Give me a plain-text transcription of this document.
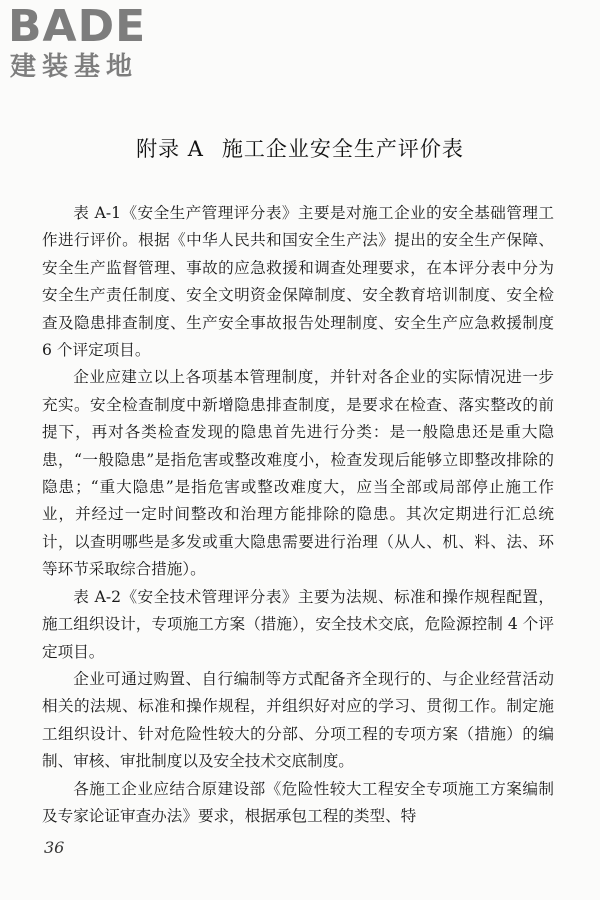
BADE
建装基地
附录 A 施工企业安全生产评价表

表 A-1《安全生产管理评分表》主要是对施工企业的安全基础管理工作进行评价。根据《中华人民共和国安全生产法》提出的安全生产保障、安全生产监督管理、事故的应急救援和调查处理要求，在本评分表中分为安全生产责任制度、安全文明资金保障制度、安全教育培训制度、安全检查及隐患排查制度、生产安全事故报告处理制度、安全生产应急救援制度 6 个评定项目。

企业应建立以上各项基本管理制度，并针对各企业的实际情况进一步充实。安全检查制度中新增隐患排查制度，是要求在检查、落实整改的前提下，再对各类检查发现的隐患首先进行分类：是一般隐患还是重大隐患，“一般隐患”是指危害或整改难度小，检查发现后能够立即整改排除的隐患；“重大隐患”是指危害或整改难度大，应当全部或局部停止施工作业，并经过一定时间整改和治理方能排除的隐患。其次定期进行汇总统计，以查明哪些是多发或重大隐患需要进行治理（从人、机、料、法、环等环节采取综合措施）。

表 A-2《安全技术管理评分表》主要为法规、标准和操作规程配置，施工组织设计，专项施工方案（措施），安全技术交底，危险源控制 4 个评定项目。

企业可通过购置、自行编制等方式配备齐全现行的、与企业经营活动相关的法规、标准和操作规程，并组织好对应的学习、贯彻工作。制定施工组织设计、针对危险性较大的分部、分项工程的专项方案（措施）的编制、审核、审批制度以及安全技术交底制度。

各施工企业应结合原建设部《危险性较大工程安全专项施工方案编制及专家论证审查办法》要求，根据承包工程的类型、特

36
